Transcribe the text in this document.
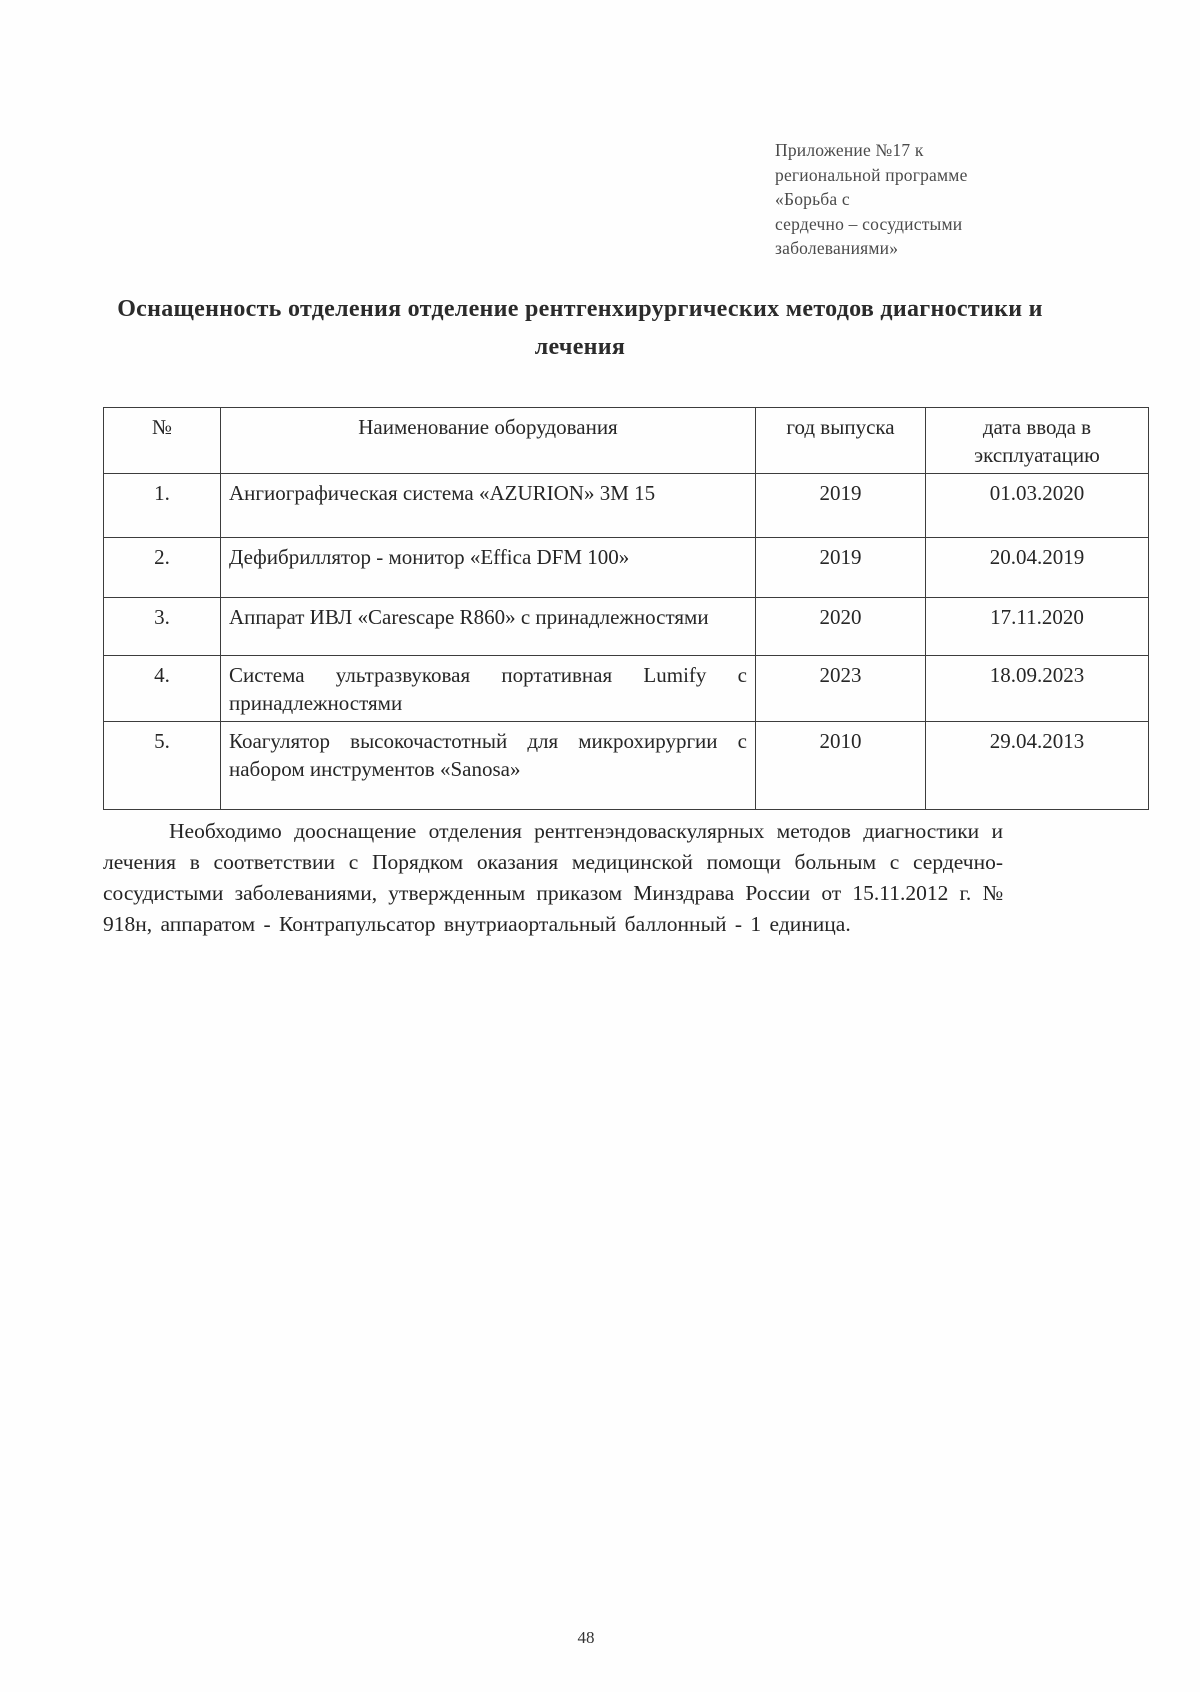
Приложение №17 к
региональной программе
«Борьба с
сердечно – сосудистыми
заболеваниями»
Оснащенность отделения отделение рентгенхирургических методов диагностики и лечения
№	Наименование оборудования	год выпуска	дата ввода в эксплуатацию
1.	Ангиографическая система «AZURION» 3M 15	2019	01.03.2020
2.	Дефибриллятор - монитор «Effica DFM 100»	2019	20.04.2019
3.	Аппарат ИВЛ «Carescape R860» с принадлежностями	2020	17.11.2020
4.	Система ультразвуковая портативная Lumify с принадлежностями	2023	18.09.2023
5.	Коагулятор высокочастотный для микрохирургии с набором инструментов «Sanosa»	2010	29.04.2013
Необходимо дооснащение отделения рентгенэндоваскулярных методов диагностики и лечения в соответствии с Порядком оказания медицинской помощи больным с сердечно-сосудистыми заболеваниями, утвержденным приказом Минздрава России от 15.11.2012 г. № 918н, аппаратом - Контрапульсатор внутриаортальный баллонный - 1 единица.
48
